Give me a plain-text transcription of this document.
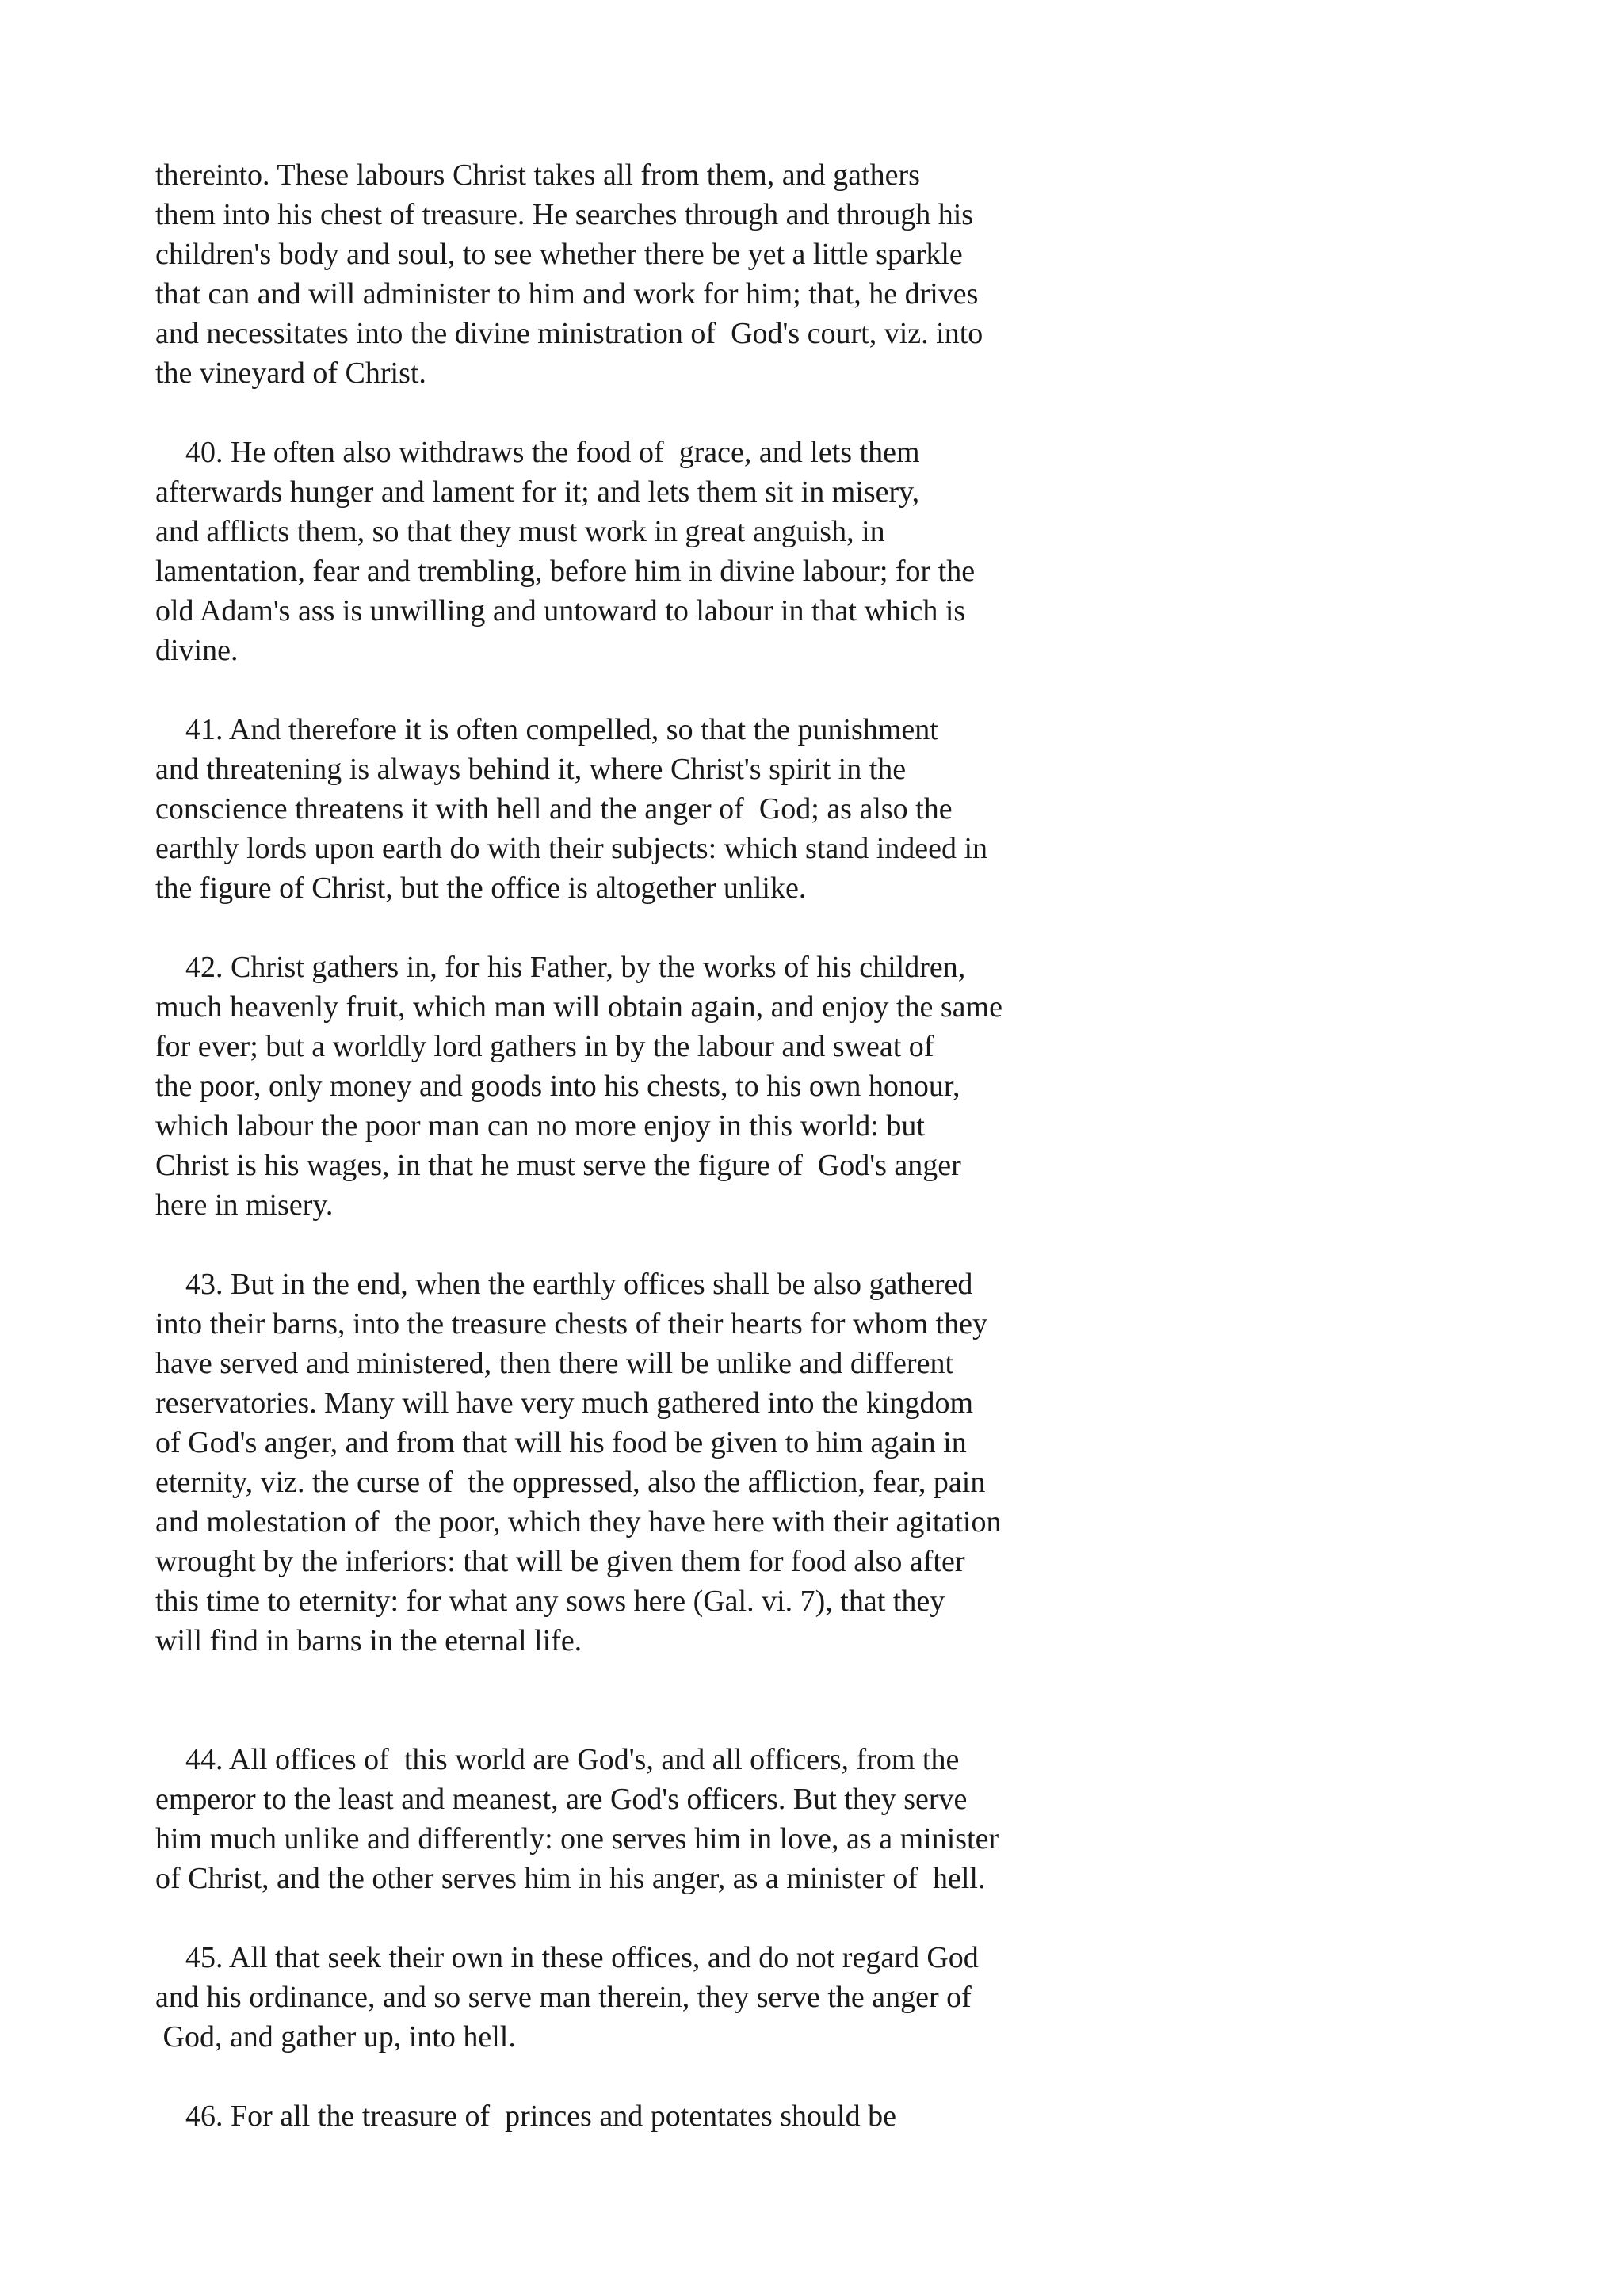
thereinto. These labours Christ takes all from them, and gathers
them into his chest of treasure. He searches through and through his
children's body and soul, to see whether there be yet a little sparkle
that can and will administer to him and work for him; that, he drives
and necessitates into the divine ministration of  God's court, viz. into
the vineyard of Christ.
40. He often also withdraws the food of  grace, and lets them
afterwards hunger and lament for it; and lets them sit in misery,
and afflicts them, so that they must work in great anguish, in
lamentation, fear and trembling, before him in divine labour; for the
old Adam's ass is unwilling and untoward to labour in that which is
divine.
41. And therefore it is often compelled, so that the punishment
and threatening is always behind it, where Christ's spirit in the
conscience threatens it with hell and the anger of  God; as also the
earthly lords upon earth do with their subjects: which stand indeed in
the figure of Christ, but the office is altogether unlike.
42. Christ gathers in, for his Father, by the works of his children,
much heavenly fruit, which man will obtain again, and enjoy the same
for ever; but a worldly lord gathers in by the labour and sweat of
the poor, only money and goods into his chests, to his own honour,
which labour the poor man can no more enjoy in this world: but
Christ is his wages, in that he must serve the figure of  God's anger
here in misery.
43. But in the end, when the earthly offices shall be also gathered
into their barns, into the treasure chests of their hearts for whom they
have served and ministered, then there will be unlike and different
reservatories. Many will have very much gathered into the kingdom
of God's anger, and from that will his food be given to him again in
eternity, viz. the curse of  the oppressed, also the affliction, fear, pain
and molestation of  the poor, which they have here with their agitation
wrought by the inferiors: that will be given them for food also after
this time to eternity: for what any sows here (Gal. vi. 7), that they
will find in barns in the eternal life.
44. All offices of  this world are God's, and all officers, from the
emperor to the least and meanest, are God's officers. But they serve
him much unlike and differently: one serves him in love, as a minister
of Christ, and the other serves him in his anger, as a minister of  hell.
45. All that seek their own in these offices, and do not regard God
and his ordinance, and so serve man therein, they serve the anger of
God, and gather up, into hell.
46. For all the treasure of  princes and potentates should be
